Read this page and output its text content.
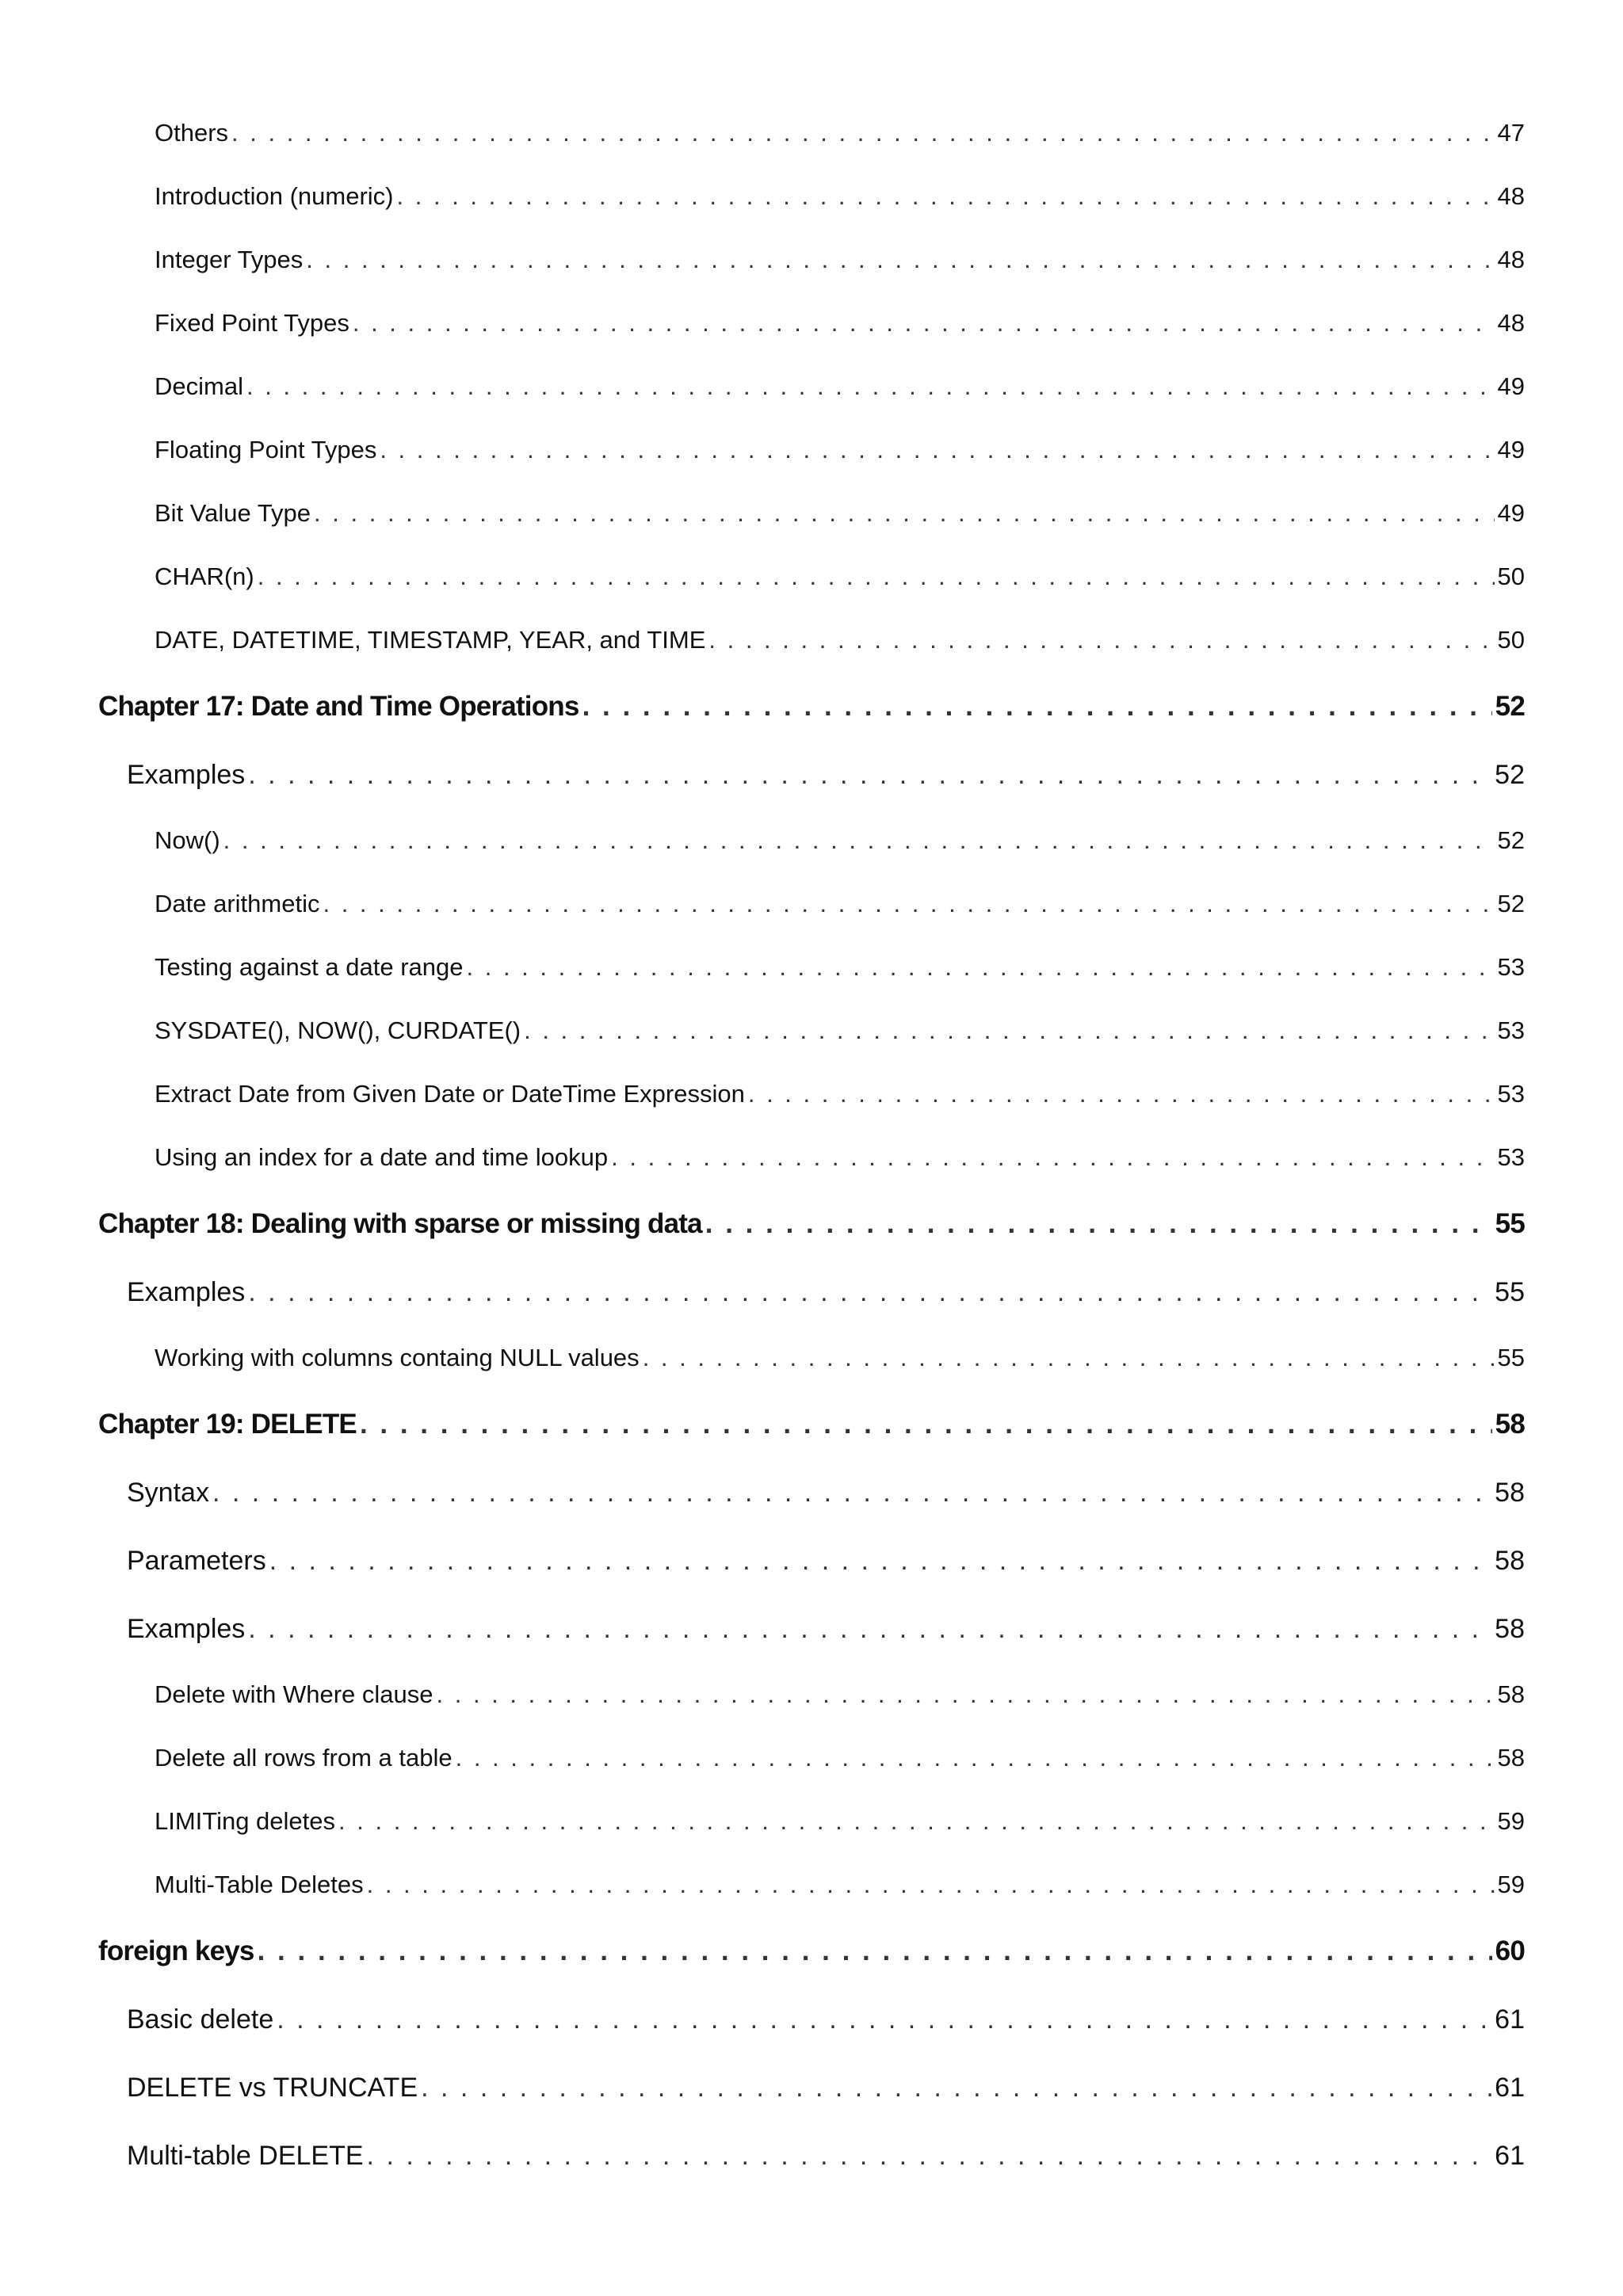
Others . . .	47
Introduction (numeric) . . .	48
Integer Types . . .	48
Fixed Point Types . . .	48
Decimal . . .	49
Floating Point Types . . .	49
Bit Value Type . . .	49
CHAR(n) . . .	50
DATE, DATETIME, TIMESTAMP, YEAR, and TIME . . .	50
Chapter 17: Date and Time Operations . . .	52
Examples . . .	52
Now() . . .	52
Date arithmetic . . .	52
Testing against a date range . . .	53
SYSDATE(), NOW(), CURDATE() . . .	53
Extract Date from Given Date or DateTime Expression . . .	53
Using an index for a date and time lookup . . .	53
Chapter 18: Dealing with sparse or missing data . . .	55
Examples . . .	55
Working with columns containg NULL values . . .	55
Chapter 19: DELETE . . .	58
Syntax . . .	58
Parameters . . .	58
Examples . . .	58
Delete with Where clause . . .	58
Delete all rows from a table . . .	58
LIMITing deletes . . .	59
Multi-Table Deletes . . .	59
foreign keys . . .	60
Basic delete . . .	61
DELETE vs TRUNCATE . . .	61
Multi-table DELETE . . .	61
